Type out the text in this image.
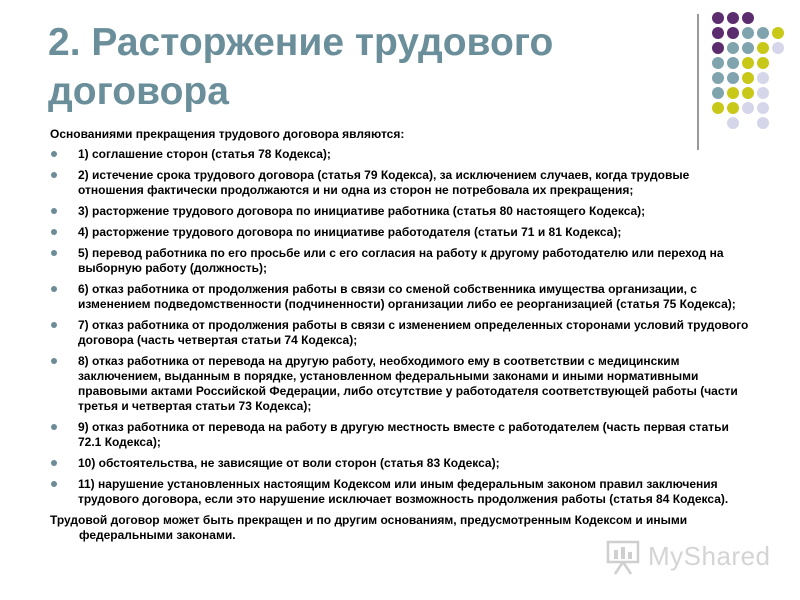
2. Расторжение трудового договора

Основаниями прекращения трудового договора являются:

1) соглашение сторон (статья 78 Кодекса);
2) истечение срока трудового договора (статья 79 Кодекса), за исключением случаев, когда трудовые отношения фактически продолжаются и ни одна из сторон не потребовала их прекращения;
3) расторжение трудового договора по инициативе работника (статья 80 настоящего Кодекса);
4) расторжение трудового договора по инициативе работодателя (статьи 71 и 81 Кодекса);
5) перевод работника по его просьбе или с его согласия на работу к другому работодателю или переход на выборную работу (должность);
6) отказ работника от продолжения работы в связи со сменой собственника имущества организации, с изменением подведомственности (подчиненности) организации либо ее реорганизацией (статья 75 Кодекса);
7) отказ работника от продолжения работы в связи с изменением определенных сторонами условий трудового договора (часть четвертая статьи 74 Кодекса);
8) отказ работника от перевода на другую работу, необходимого ему в соответствии с медицинским заключением, выданным в порядке, установленном федеральными законами и иными нормативными правовыми актами Российской Федерации, либо отсутствие у работодателя соответствующей работы (части третья и четвертая статьи 73 Кодекса);
9) отказ работника от перевода на работу в другую местность вместе с работодателем (часть первая статьи 72.1 Кодекса);
10) обстоятельства, не зависящие от воли сторон (статья 83 Кодекса);
11) нарушение установленных настоящим Кодексом или иным федеральным законом правил заключения трудового договора, если это нарушение исключает возможность продолжения работы (статья 84 Кодекса).

Трудовой договор может быть прекращен и по другим основаниям, предусмотренным Кодексом и иными федеральными законами.

MyShared
